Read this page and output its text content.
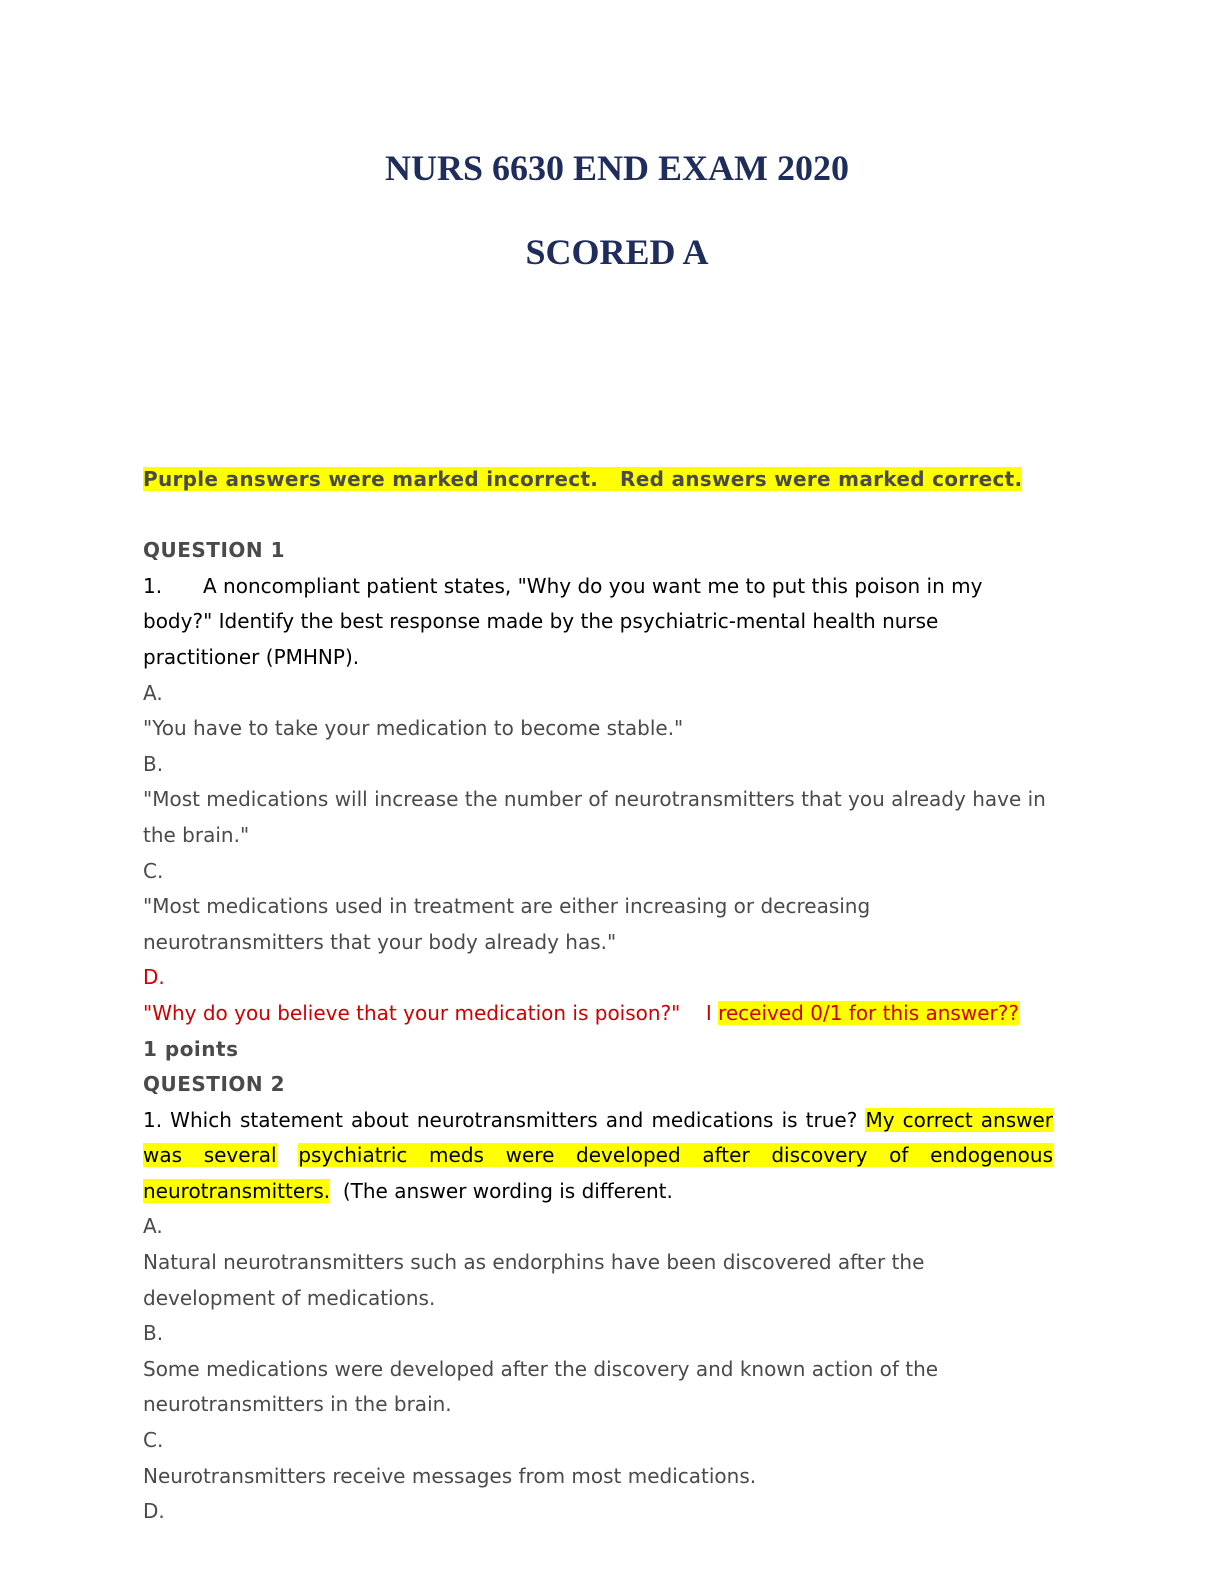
NURS 6630 END EXAM 2020
SCORED A
Purple answers were marked incorrect. Red answers were marked correct.
QUESTION 1
1. A noncompliant patient states, "Why do you want me to put this poison in my body?" Identify the best response made by the psychiatric-mental health nurse practitioner (PMHNP).
A.
"You have to take your medication to become stable."
B.
"Most medications will increase the number of neurotransmitters that you already have in the brain."
C.
"Most medications used in treatment are either increasing or decreasing neurotransmitters that your body already has."
D.
"Why do you believe that your medication is poison?" I received 0/1 for this answer??
1 points
QUESTION 2
1. Which statement about neurotransmitters and medications is true? My correct answer was several psychiatric meds were developed after discovery of endogenous neurotransmitters. (The answer wording is different.
A.
Natural neurotransmitters such as endorphins have been discovered after the development of medications.
B.
Some medications were developed after the discovery and known action of the neurotransmitters in the brain.
C.
Neurotransmitters receive messages from most medications.
D.
